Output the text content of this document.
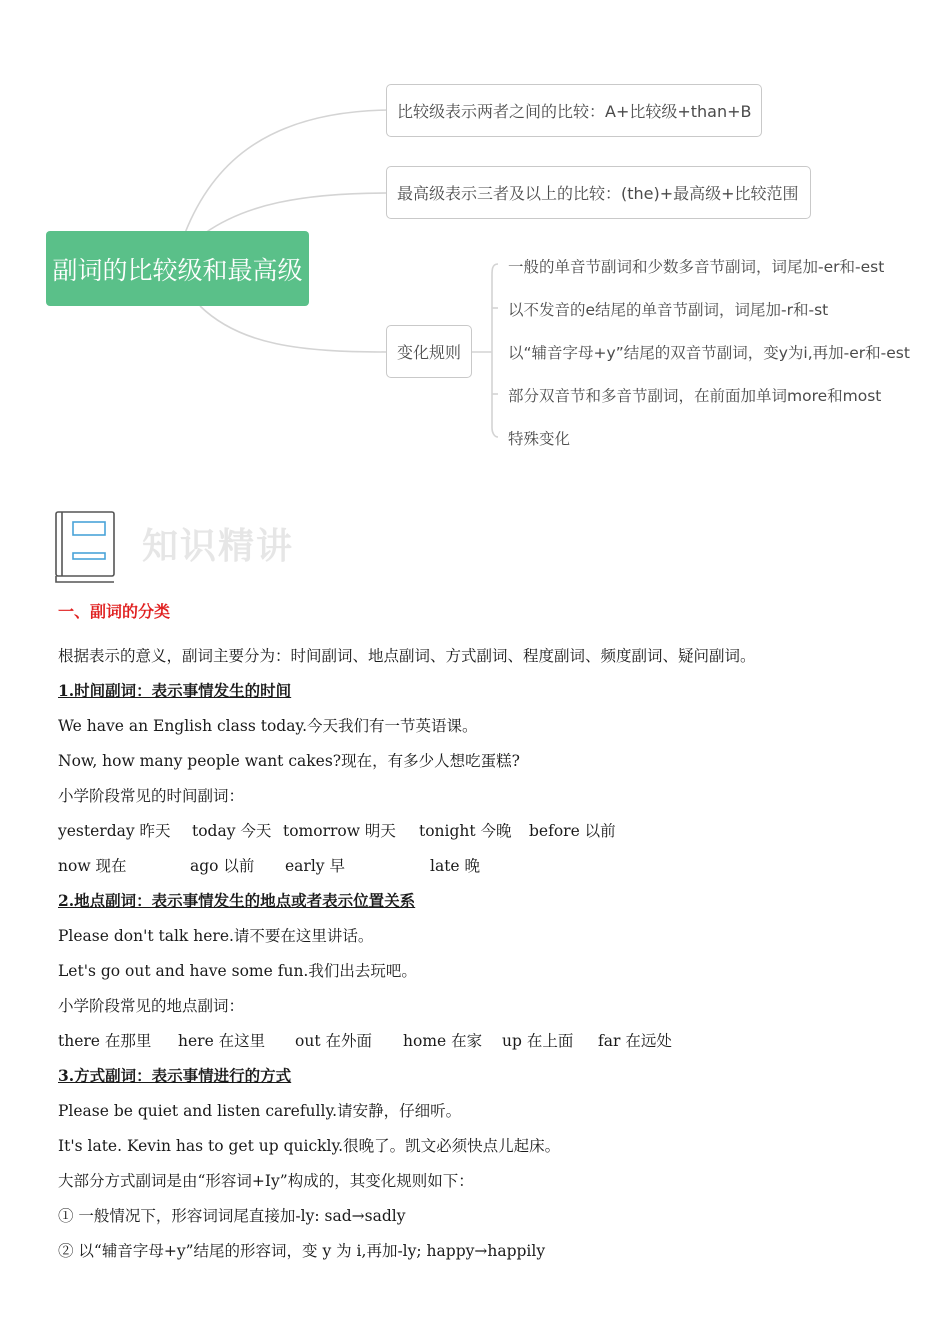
副词的比较级和最高级
比较级表示两者之间的比较：A+比较级+than+B
最高级表示三者及以上的比较：(the)+最高级+比较范围
变化规则
一般的单音节副词和少数多音节副词，词尾加-er和-est
以不发音的e结尾的单音节副词，词尾加-r和-st
以“辅音字母+y”结尾的双音节副词，变y为i,再加-er和-est
部分双音节和多音节副词，在前面加单词more和most
特殊变化
知识精讲
一、副词的分类
根据表示的意义，副词主要分为：时间副词、地点副词、方式副词、程度副词、频度副词、疑问副词。
1.时间副词：表示事情发生的时间
We have an English class today.今天我们有一节英语课。
Now, how many people want cakes?现在，有多少人想吃蛋糕?
小学阶段常见的时间副词：
yesterday 昨天 today 今天 tomorrow 明天 tonight 今晚 before 以前
now 现在	ago 以前 early 早	late 晚
2.地点副词：表示事情发生的地点或者表示位置关系
Please don't talk here.请不要在这里讲话。
Let's go out and have some fun.我们出去玩吧。
小学阶段常见的地点副词：
there 在那里 here 在这里 out 在外面 home 在家 up 在上面 far 在远处
3.方式副词：表示事情进行的方式
Please be quiet and listen carefully.请安静，仔细听。
It's late. Kevin has to get up quickly.很晚了。凯文必须快点儿起床。
大部分方式副词是由“形容词+Iy”构成的，其变化规则如下：
① 一般情况下，形容词词尾直接加-ly: sad→sadly
② 以“辅音字母+y”结尾的形容词，变 y 为 i,再加-ly; happy→happily
